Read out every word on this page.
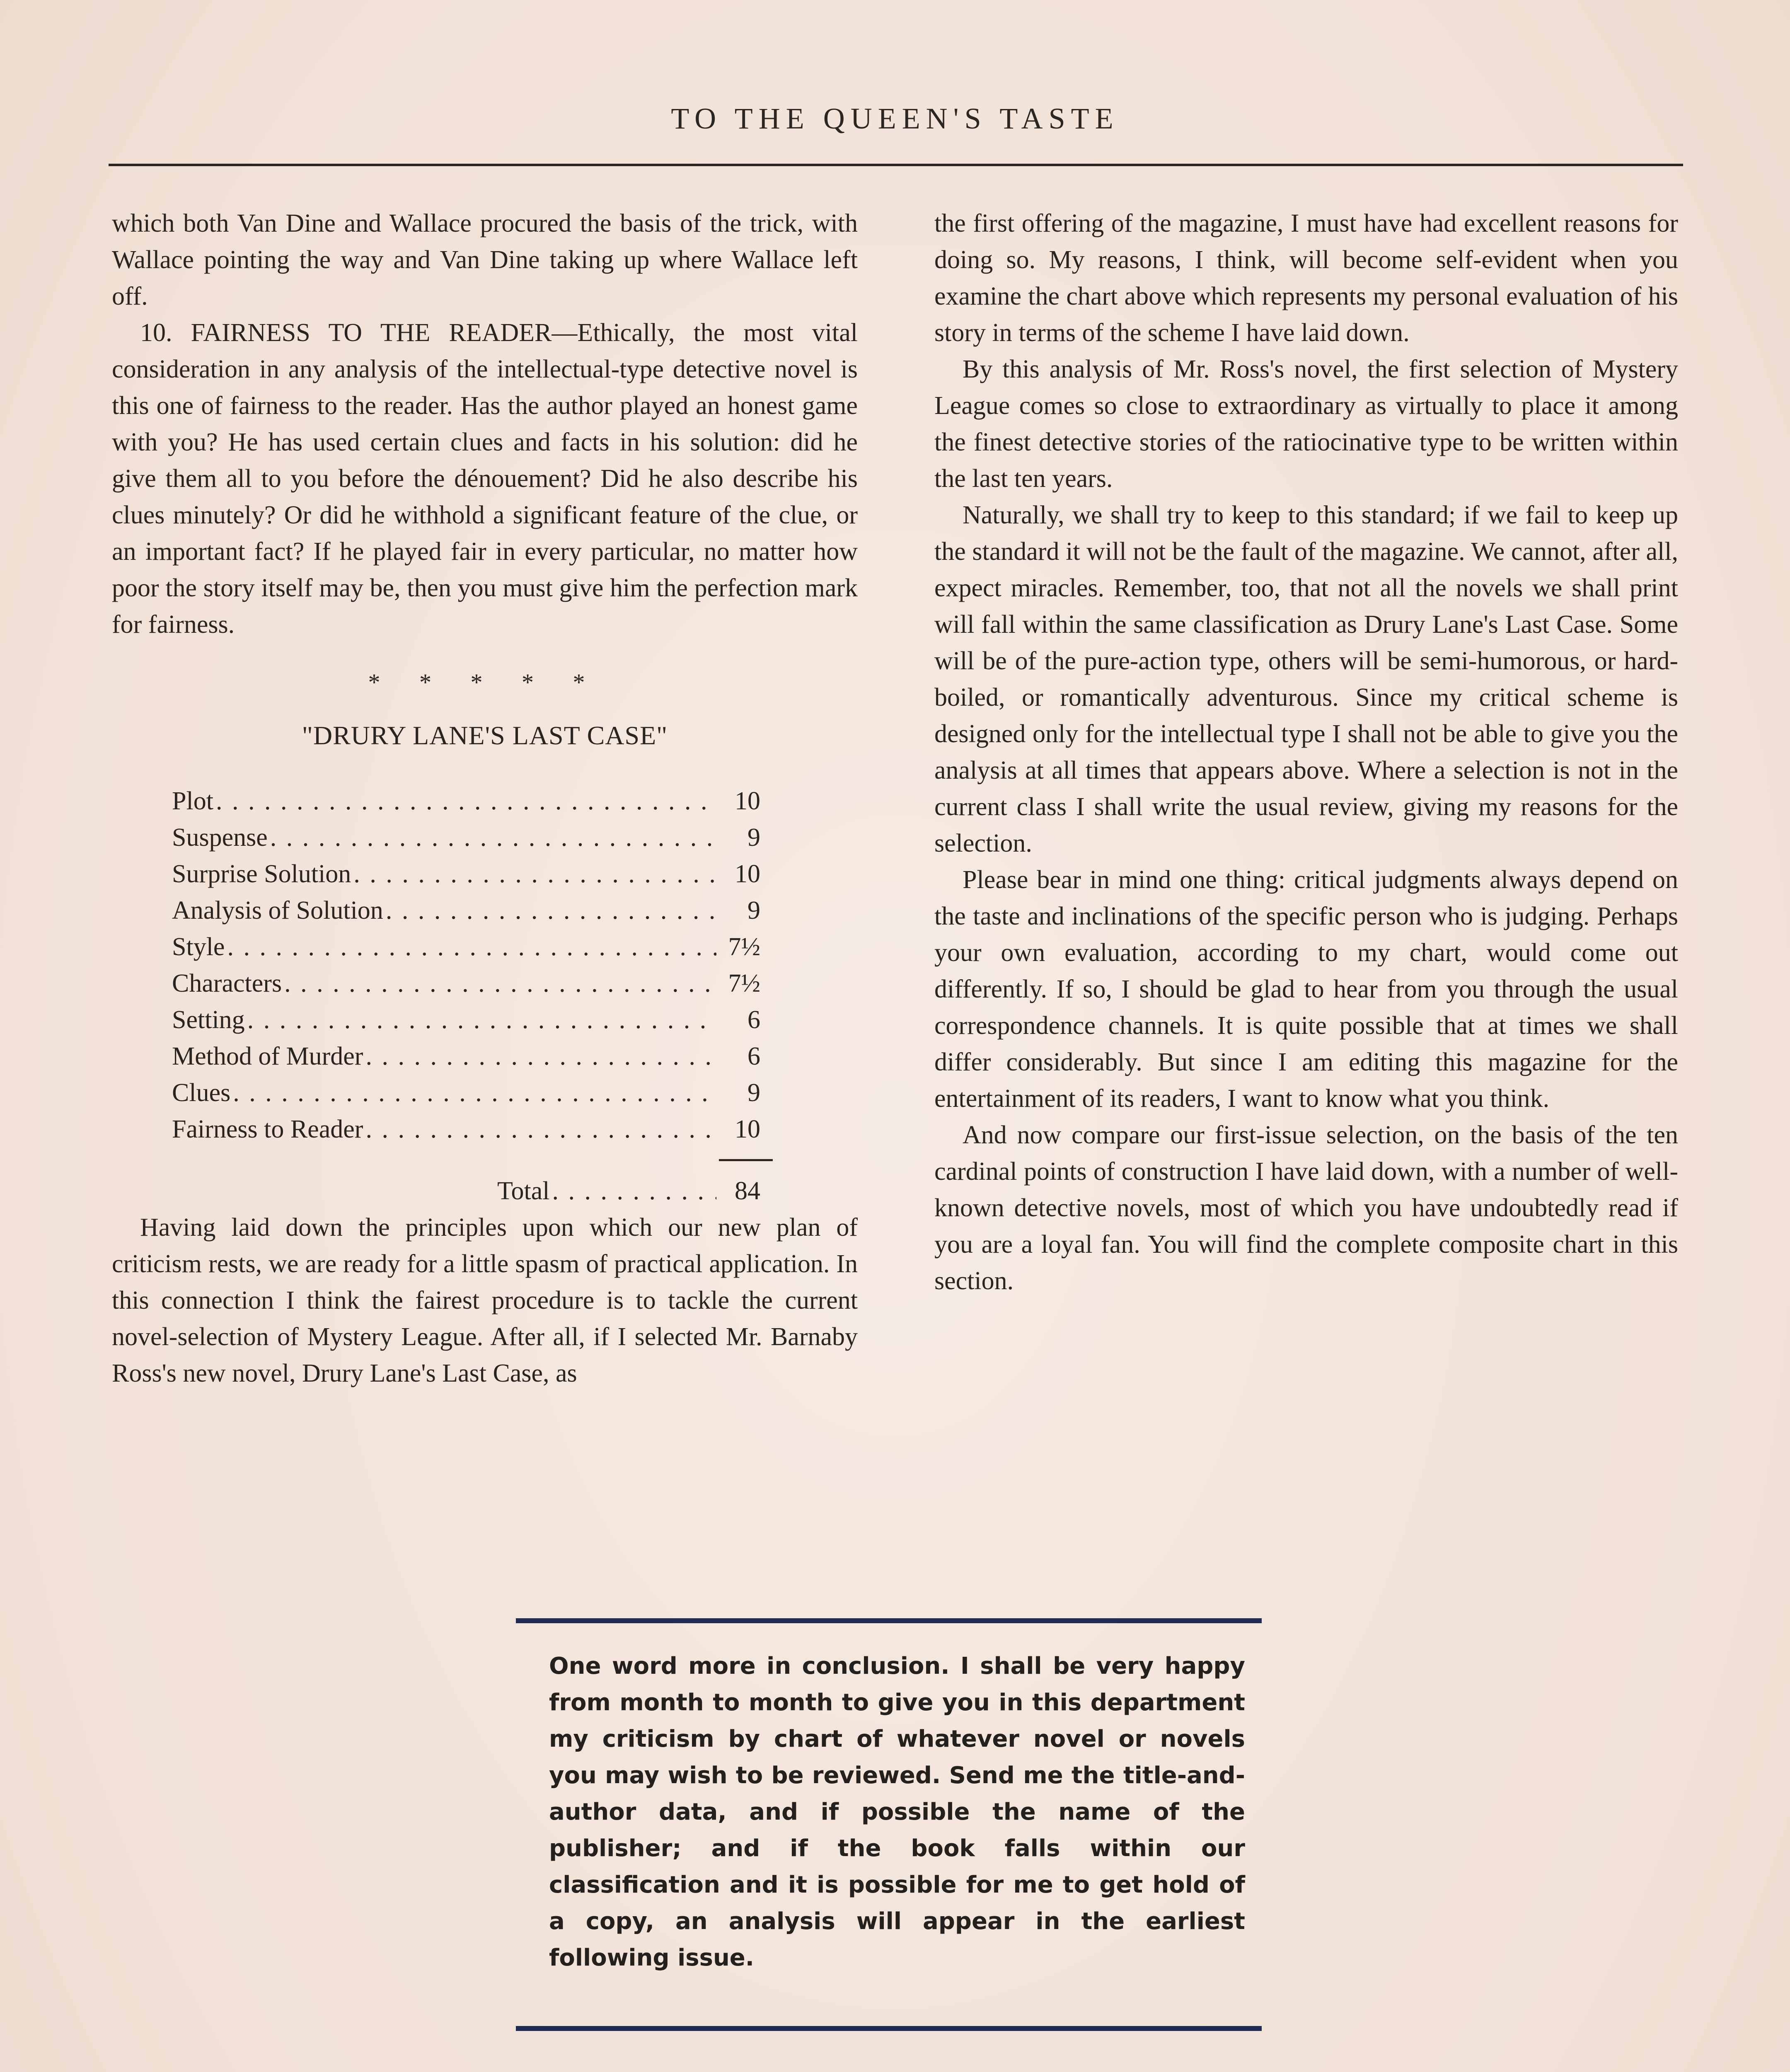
TO THE QUEEN'S TASTE

which both Van Dine and Wallace procured the basis of the trick, with Wallace pointing the way and Van Dine taking up where Wallace left off.

10. FAIRNESS TO THE READER—Ethically, the most vital consideration in any analysis of the intellectual-type detective novel is this one of fairness to the reader. Has the author played an honest game with you? He has used certain clues and facts in his solution: did he give them all to you before the dénouement? Did he also describe his clues minutely? Or did he withhold a significant feature of the clue, or an important fact? If he played fair in every particular, no matter how poor the story itself may be, then you must give him the perfection mark for fairness.

* * * * *
"DRURY LANE'S LAST CASE"
Plot . . .	10
Suspense . . .	9
Surprise Solution . . .	10
Analysis of Solution . . .	9
Style . . .	7½
Characters . . .	7½
Setting . . .	6
Method of Murder . . .	6
Clues . . .	9
Fairness to Reader . . .	10
Total . . .	84

Having laid down the principles upon which our new plan of criticism rests, we are ready for a little spasm of practical application. In this connection I think the fairest procedure is to tackle the current novel-selection of Mystery League. After all, if I selected Mr. Barnaby Ross's new novel, Drury Lane's Last Case, as

the first offering of the magazine, I must have had excellent reasons for doing so. My reasons, I think, will become self-evident when you examine the chart above which represents my personal evaluation of his story in terms of the scheme I have laid down.

By this analysis of Mr. Ross's novel, the first selection of Mystery League comes so close to extraordinary as virtually to place it among the finest detective stories of the ratiocinative type to be written within the last ten years.

Naturally, we shall try to keep to this standard; if we fail to keep up the standard it will not be the fault of the magazine. We cannot, after all, expect miracles. Remember, too, that not all the novels we shall print will fall within the same classification as Drury Lane's Last Case. Some will be of the pure-action type, others will be semi-humorous, or hard-boiled, or romantically adventurous. Since my critical scheme is designed only for the intellectual type I shall not be able to give you the analysis at all times that appears above. Where a selection is not in the current class I shall write the usual review, giving my reasons for the selection.

Please bear in mind one thing: critical judgments always depend on the taste and inclinations of the specific person who is judging. Perhaps your own evaluation, according to my chart, would come out differently. If so, I should be glad to hear from you through the usual correspondence channels. It is quite possible that at times we shall differ considerably. But since I am editing this magazine for the entertainment of its readers, I want to know what you think.

And now compare our first-issue selection, on the basis of the ten cardinal points of construction I have laid down, with a number of well-known detective novels, most of which you have undoubtedly read if you are a loyal fan. You will find the complete composite chart in this section.

One word more in conclusion. I shall be very happy from month to month to give you in this department my criticism by chart of whatever novel or novels you may wish to be reviewed. Send me the title-and-author data, and if possible the name of the publisher; and if the book falls within our classification and it is possible for me to get hold of a copy, an analysis will appear in the earliest following issue.
